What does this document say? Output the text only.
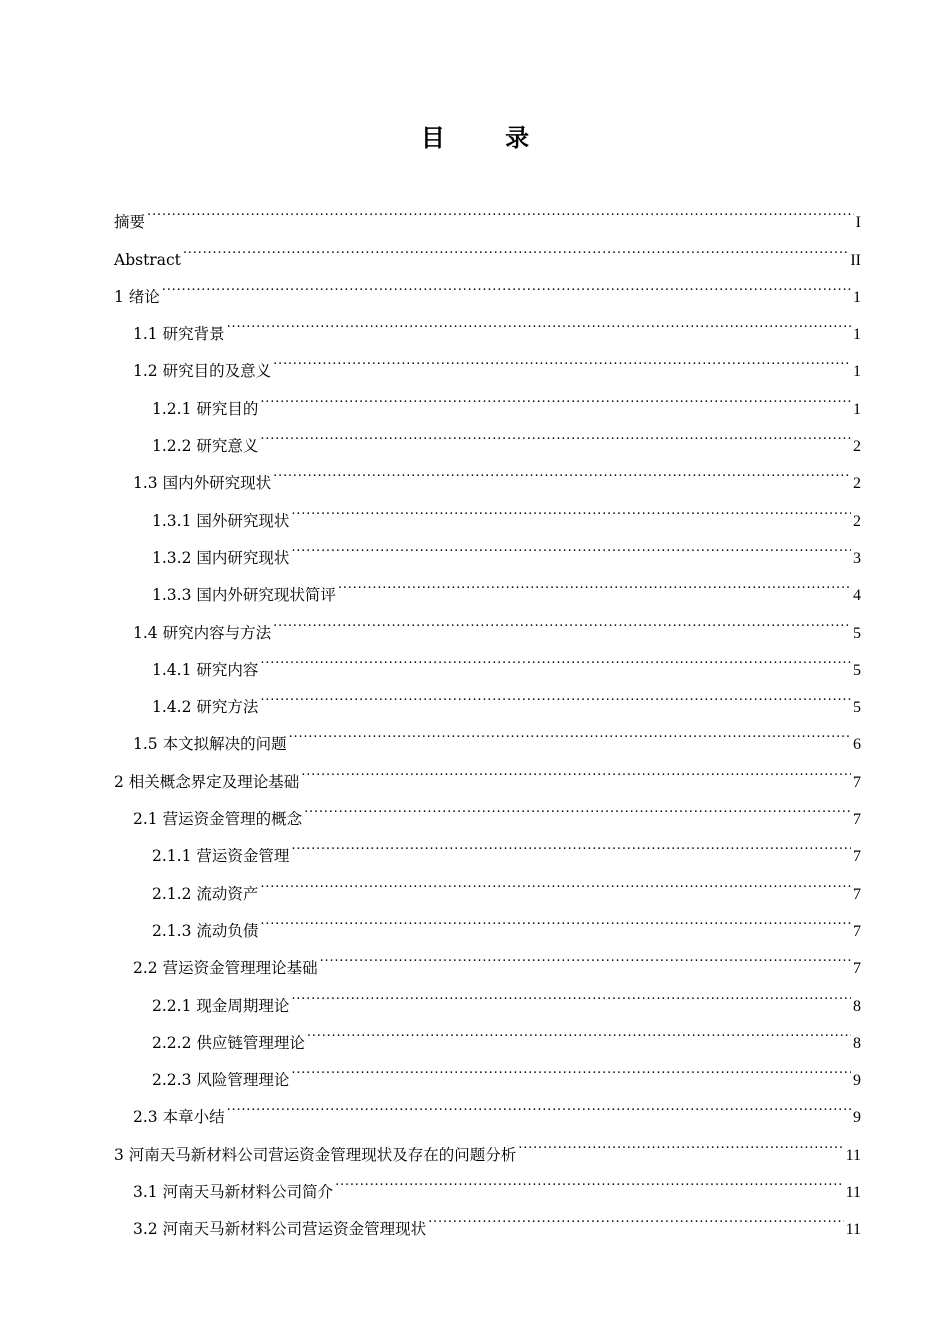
目 录
摘要 .....	I
Abstract .....	II
1 绪论 .....	1
1.1 研究背景 .....	1
1.2 研究目的及意义 .....	1
1.2.1 研究目的 .....	1
1.2.2 研究意义 .....	2
1.3 国内外研究现状 .....	2
1.3.1 国外研究现状 .....	2
1.3.2 国内研究现状 .....	3
1.3.3 国内外研究现状简评 .....	4
1.4 研究内容与方法 .....	5
1.4.1 研究内容 .....	5
1.4.2 研究方法 .....	5
1.5 本文拟解决的问题 .....	6
2 相关概念界定及理论基础 .....	7
2.1 营运资金管理的概念 .....	7
2.1.1 营运资金管理 .....	7
2.1.2 流动资产 .....	7
2.1.3 流动负债 .....	7
2.2 营运资金管理理论基础 .....	7
2.2.1 现金周期理论 .....	8
2.2.2 供应链管理理论 .....	8
2.2.3 风险管理理论 .....	9
2.3 本章小结 .....	9
3 河南天马新材料公司营运资金管理现状及存在的问题分析 .....	11
3.1 河南天马新材料公司简介 .....	11
3.2 河南天马新材料公司营运资金管理现状 .....	11
